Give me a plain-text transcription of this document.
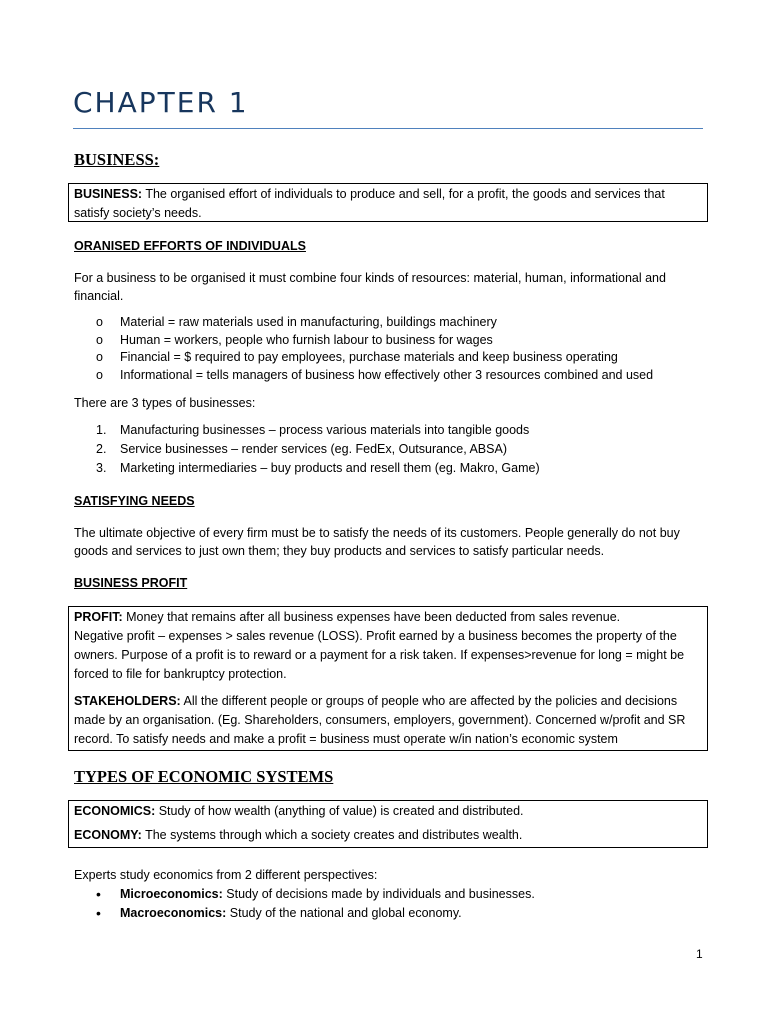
CHAPTER 1
BUSINESS:

BUSINESS: The organised effort of individuals to produce and sell, for a profit, the goods and services that satisfy society’s needs.

ORANISED EFFORTS OF INDIVIDUALS

For a business to be organised it must combine four kinds of resources: material, human, informational and financial.

o Material = raw materials used in manufacturing, buildings machinery
o Human = workers, people who furnish labour to business for wages
o Financial = $ required to pay employees, purchase materials and keep business operating
o Informational = tells managers of business how effectively other 3 resources combined and used

There are 3 types of businesses:

1. Manufacturing businesses – process various materials into tangible goods
2. Service businesses – render services (eg. FedEx, Outsurance, ABSA)
3. Marketing intermediaries – buy products and resell them (eg. Makro, Game)
SATISFYING NEEDS

The ultimate objective of every firm must be to satisfy the needs of its customers. People generally do not buy goods and services to just own them; they buy products and services to satisfy particular needs.

BUSINESS PROFIT

PROFIT: Money that remains after all business expenses have been deducted from sales revenue.

Negative profit – expenses > sales revenue (LOSS). Profit earned by a business becomes the property of the owners. Purpose of a profit is to reward or a payment for a risk taken. If expenses>revenue for long = might be forced to file for bankruptcy protection.

STAKEHOLDERS: All the different people or groups of people who are affected by the policies and decisions made by an organisation. (Eg. Shareholders, consumers, employers, government). Concerned w/profit and SR record. To satisfy needs and make a profit = business must operate w/in nation’s economic system

TYPES OF ECONOMIC SYSTEMS

ECONOMICS: Study of how wealth (anything of value) is created and distributed.

ECONOMY: The systems through which a society creates and distributes wealth.

Experts study economics from 2 different perspectives:

• Microeconomics: Study of decisions made by individuals and businesses.
• Macroeconomics: Study of the national and global economy.

1
